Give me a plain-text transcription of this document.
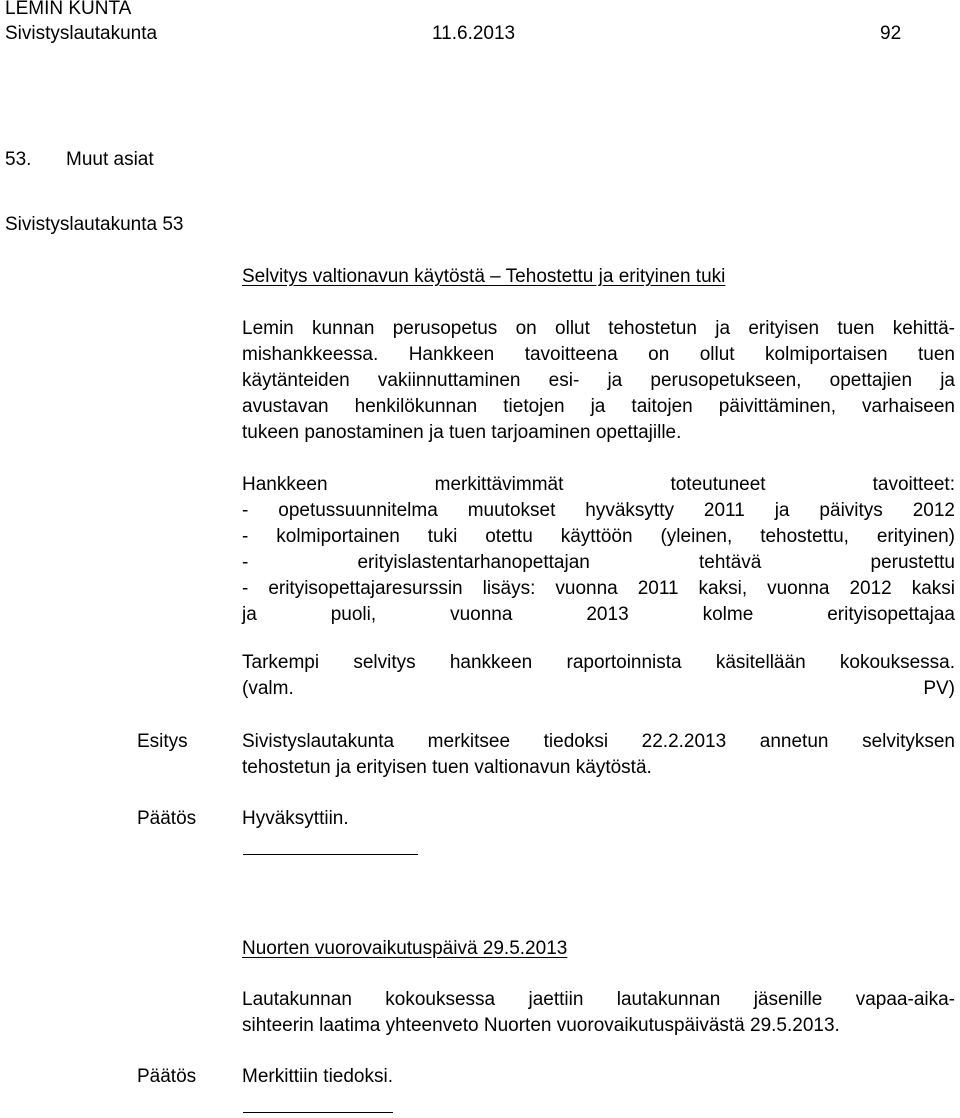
LEMIN KUNTA
Sivistyslautakunta	11.6.2013	92
53. Muut asiat
Sivistyslautakunta 53
Selvitys valtionavun käytöstä – Tehostettu ja erityinen tuki
Lemin kunnan perusopetus on ollut tehostetun ja erityisen tuen kehittä-
mishankkeessa. Hankkeen tavoitteena on ollut kolmiportaisen tuen
käytänteiden vakiinnuttaminen esi- ja perusopetukseen, opettajien ja
avustavan henkilökunnan tietojen ja taitojen päivittäminen, varhaiseen
tukeen panostaminen ja tuen tarjoaminen opettajille.
Hankkeen merkittävimmät toteutuneet tavoitteet:
- opetussuunnitelma muutokset hyväksytty 2011 ja päivitys 2012
- kolmiportainen tuki otettu käyttöön (yleinen, tehostettu, erityinen)
- erityislastentarhanopettajan tehtävä perustettu
- erityisopettajaresurssin lisäys: vuonna 2011 kaksi, vuonna 2012 kaksi
ja puoli, vuonna 2013 kolme erityisopettajaa
Tarkempi selvitys hankkeen raportoinnista käsitellään kokouksessa.
(valm. PV)
Esitys	Sivistyslautakunta merkitsee tiedoksi 22.2.2013 annetun selvityksen
tehostetun ja erityisen tuen valtionavun käytöstä.
Päätös Hyväksyttiin.
Nuorten vuorovaikutuspäivä 29.5.2013
Lautakunnan kokouksessa jaettiin lautakunnan jäsenille vapaa-aika-
sihteerin laatima yhteenveto Nuorten vuorovaikutuspäivästä 29.5.2013.
Päätös Merkittiin tiedoksi.
